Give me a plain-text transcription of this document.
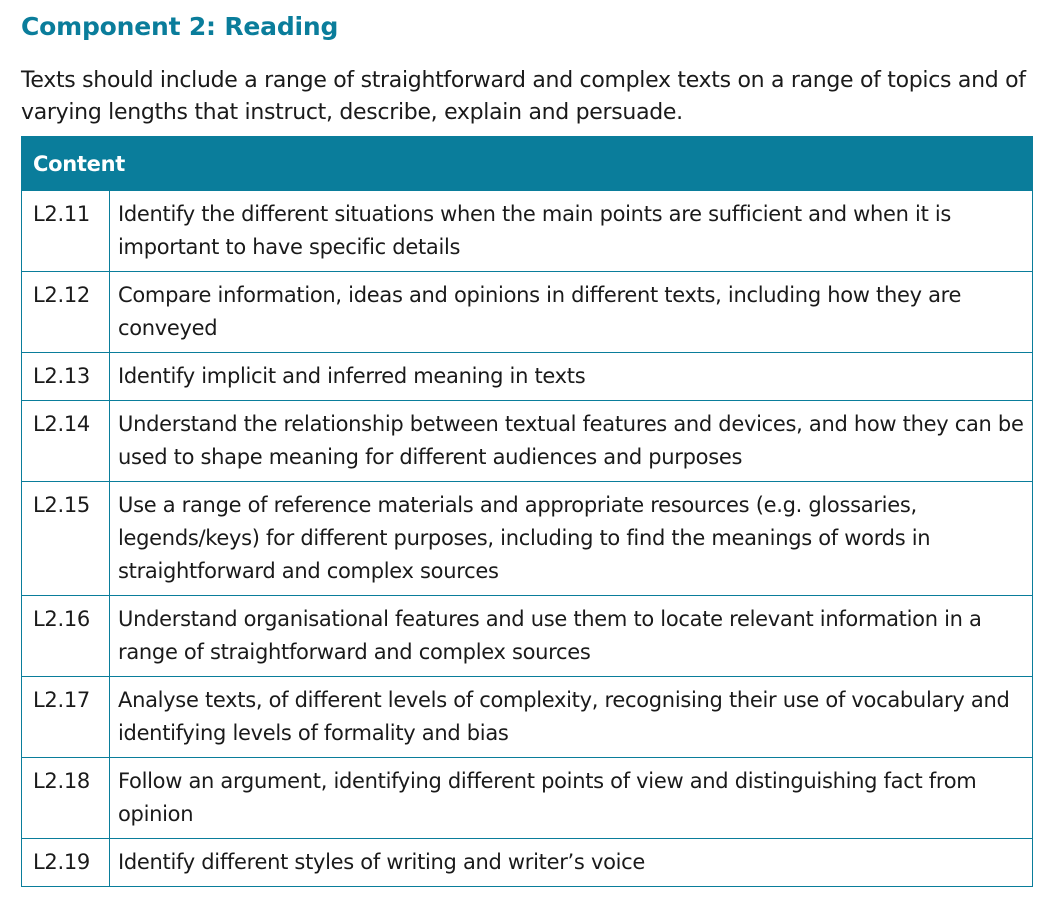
Component 2: Reading

Texts should include a range of straightforward and complex texts on a range of topics and of varying lengths that instruct, describe, explain and persuade.

Content	
L2.11	Identify the different situations when the main points are sufficient and when it is important to have specific details
L2.12	Compare information, ideas and opinions in different texts, including how they are conveyed
L2.13	Identify implicit and inferred meaning in texts
L2.14	Understand the relationship between textual features and devices, and how they can be used to shape meaning for different audiences and purposes
L2.15	Use a range of reference materials and appropriate resources (e.g. glossaries, legends/keys) for different purposes, including to find the meanings of words in straightforward and complex sources
L2.16	Understand organisational features and use them to locate relevant information in a range of straightforward and complex sources
L2.17	Analyse texts, of different levels of complexity, recognising their use of vocabulary and identifying levels of formality and bias
L2.18	Follow an argument, identifying different points of view and distinguishing fact from opinion
L2.19	Identify different styles of writing and writer’s voice
